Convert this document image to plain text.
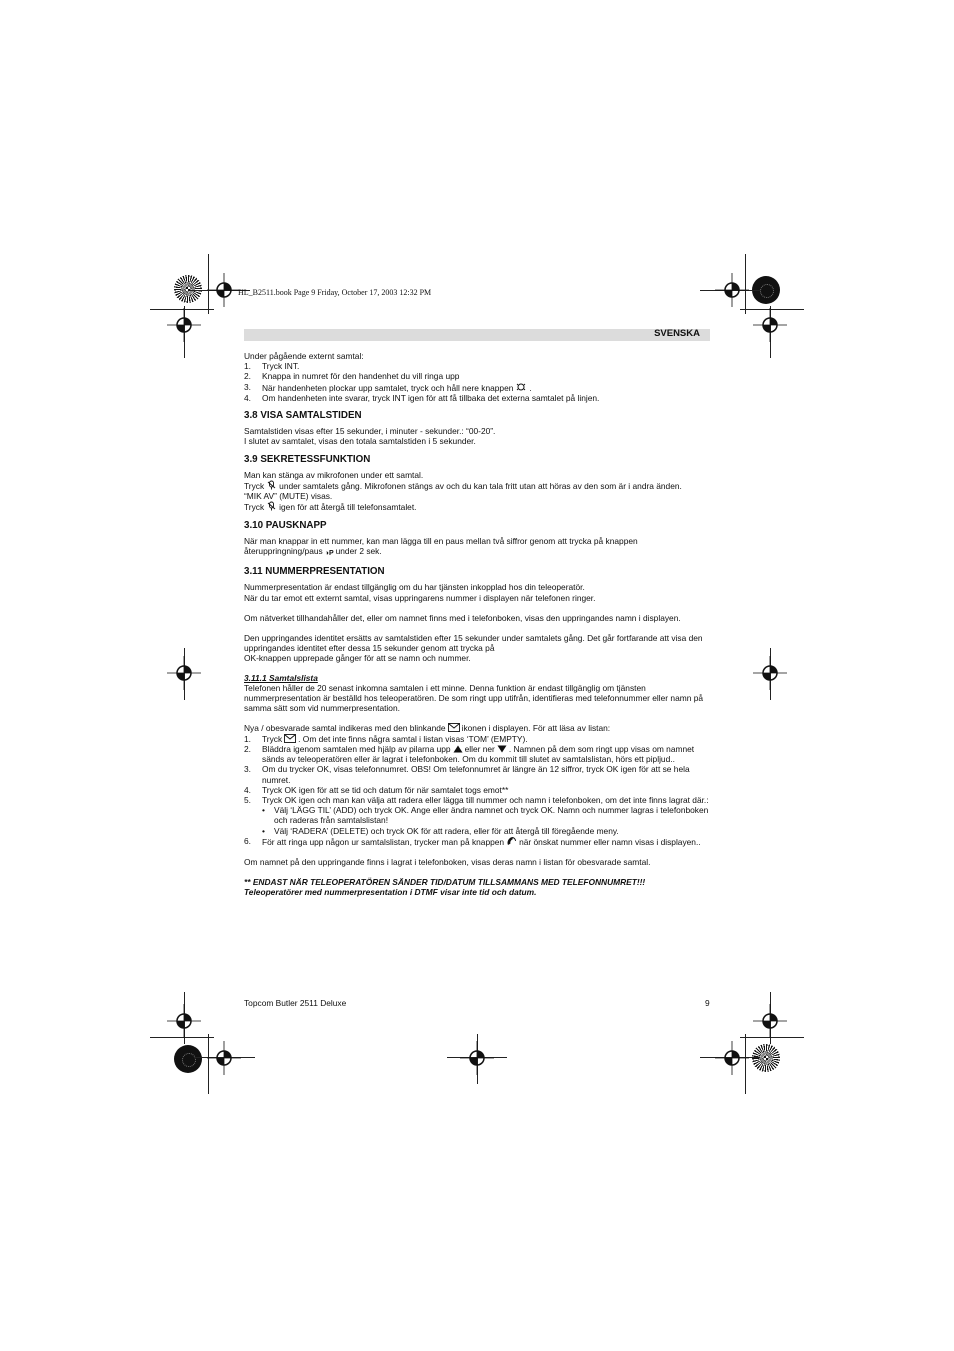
HL_B2511.book Page 9 Friday, October 17, 2003 12:32 PM
SVENSKA

Under pågående externt samtal:

1.	Tryck INT.
2.	Knappa in numret för den handenhet du vill ringa upp
3.	När handenheten plockar upp samtalet, tryck och håll nere knappen .
4.	Om handenheten inte svarar, tryck INT igen för att få tillbaka det externa samtalet på linjen.

3.8 VISA SAMTALSTIDEN

Samtalstiden visas efter 15 sekunder, i minuter - sekunder.: “00-20”.

I slutet av samtalet, visas den totala samtalstiden i 5 sekunder.

3.9 SEKRETESSFUNKTION

Man kan stänga av mikrofonen under ett samtal.

Tryck under samtalets gång. Mikrofonen stängs av och du kan tala fritt utan att höras av den som är i andra änden.

“MIK AV” (MUTE) visas.

Tryck igen för att återgå till telefonsamtalet.

3.10 PAUSKNAPP

När man knappar in ett nummer, kan man lägga till en paus mellan två siffror genom att trycka på knappen

återuppringning/paus ◑P under 2 sek.

3.11 NUMMERPRESENTATION

Nummerpresentation är endast tillgänglig om du har tjänsten inkopplad hos din teleoperatör.

När du tar emot ett externt samtal, visas uppringarens nummer i displayen när telefonen ringer.

Om nätverket tillhandahåller det, eller om namnet finns med i telefonboken, visas den uppringandes namn i displayen.

Den uppringandes identitet ersätts av samtalstiden efter 15 sekunder under samtalets gång. Det går fortfarande att visa den uppringandes identitet efter dessa 15 sekunder genom att trycka på

OK-knappen upprepade gånger för att se namn och nummer.

3.11.1 Samtalslista

Telefonen håller de 20 senast inkomna samtalen i ett minne. Denna funktion är endast tillgänglig om tjänsten nummerpresentation är beställd hos teleoperatören. De som ringt upp utifrån, identifieras med telefonnummer eller namn på samma sätt som vid nummerpresentation.

Nya / obesvarade samtal indikeras med den blinkande ikonen i displayen. För att läsa av listan:

1.	Tryck . Om det inte finns några samtal i listan visas ‘TOM’ (EMPTY).
2.	Bläddra igenom samtalen med hjälp av pilarna upp eller ner . Namnen på dem som ringt upp visas om namnet sänds av teleoperatören eller är lagrat i telefonboken. Om du kommit till slutet av samtalslistan, hörs ett pipljud..
3.	Om du trycker OK, visas telefonnumret. OBS! Om telefonnumret är längre än 12 siffror, tryck OK igen för att se hela numret.
4.	Tryck OK igen för att se tid och datum för när samtalet togs emot**
5.	Tryck OK igen och man kan välja att radera eller lägga till nummer och namn i telefonboken, om det inte finns lagrat där.:
•	Välj ‘LÄGG TIL’ (ADD) och tryck OK. Ange eller ändra namnet och tryck OK. Namn och nummer lagras i telefonboken och raderas från samtalslistan!
•	Välj ‘RADERA’ (DELETE) och tryck OK för att radera, eller för att återgå till föregående meny.
6.	För att ringa upp någon ur samtalslistan, trycker man på knappen när önskat nummer eller namn visas i displayen..

Om namnet på den uppringande finns i lagrat i telefonboken, visas deras namn i listan för obesvarade samtal.

** ENDAST NÄR TELEOPERATÖREN SÄNDER TID/DATUM TILLSAMMANS MED TELEFONNUMRET!!!

Teleoperatörer med nummerpresentation i DTMF visar inte tid och datum.

Topcom Butler 2511 Deluxe	9
